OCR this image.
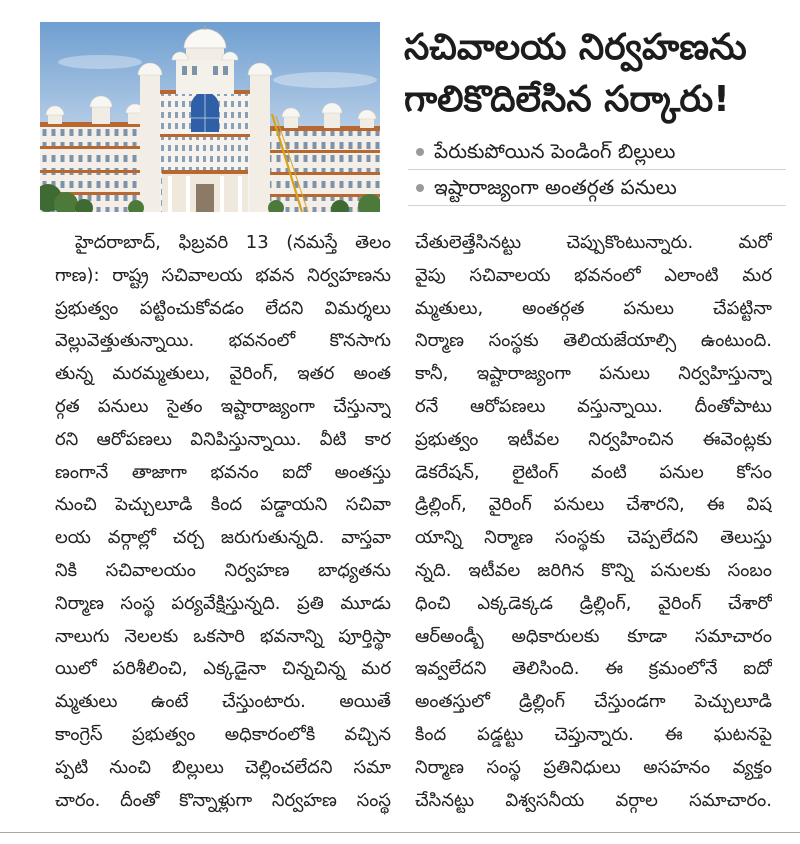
సచివాలయ నిర్వహణను
గాలికొదిలేసిన సర్కారు!
పేరుకుపోయిన పెండింగ్ బిల్లులు
ఇష్టారాజ్యంగా అంతర్గత పనులు
హైదరాబాద్, ఫిబ్రవరి 13 (నమస్తే తెలం
గాణ): రాష్ట్ర సచివాలయ భవన నిర్వహణను
ప్రభుత్వం పట్టించుకోవడం లేదని విమర్శలు
వెల్లువెత్తుతున్నాయి. భవనంలో కొనసాగు
తున్న మరమ్మతులు, వైరింగ్, ఇతర అంత
ర్గత పనులు సైతం ఇష్టారాజ్యంగా చేస్తున్నా
రని ఆరోపణలు వినిపిస్తున్నాయి. వీటి కార
ణంగానే తాజాగా భవనం ఐదో అంతస్తు
నుంచి పెచ్చులూడి కింద పడ్డాయని సచివా
లయ వర్గాల్లో చర్చ జరుగుతున్నది. వాస్తవా
నికి సచివాలయం నిర్వహణ బాధ్యతను
నిర్మాణ సంస్థ పర్యవేక్షిస్తున్నది. ప్రతి మూడు
నాలుగు నెలలకు ఒకసారి భవనాన్ని పూర్తిస్థా
యిలో పరిశీలించి, ఎక్కడైనా చిన్నచిన్న మర
మ్మతులు ఉంటే చేస్తుంటారు. అయితే
కాంగ్రెస్ ప్రభుత్వం అధికారంలోకి వచ్చిన
ప్పటి నుంచి బిల్లులు చెల్లించలేదని సమా
చారం. దీంతో కొన్నాళ్లుగా నిర్వహణ సంస్థ
చేతులెత్తేసినట్టు చెప్పుకొంటున్నారు. మరో
వైపు సచివాలయ భవనంలో ఎలాంటి మర
మ్మతులు, అంతర్గత పనులు చేపట్టినా
నిర్మాణ సంస్థకు తెలియజేయాల్సి ఉంటుంది.
కానీ, ఇష్టారాజ్యంగా పనులు నిర్వహిస్తున్నా
రనే ఆరోపణలు వస్తున్నాయి. దీంతోపాటు
ప్రభుత్వం ఇటీవల నిర్వహించిన ఈవెంట్లకు
డెకరేషన్, లైటింగ్ వంటి పనుల కోసం
డ్రిల్లింగ్, వైరింగ్ పనులు చేశారని, ఈ విష
యాన్ని నిర్మాణ సంస్థకు చెప్పలేదని తెలుస్తు
న్నది. ఇటీవల జరిగిన కొన్ని పనులకు సంబం
ధించి ఎక్కడెక్కడ డ్రిల్లింగ్, వైరింగ్ చేశారో
ఆర్అండ్బీ అధికారులకు కూడా సమాచారం
ఇవ్వలేదని తెలిసింది. ఈ క్రమంలోనే ఐదో
అంతస్తులో డ్రిల్లింగ్ చేస్తుండగా పెచ్చులూడి
కింద పడ్డట్టు చెప్తున్నారు. ఈ ఘటనపై
నిర్మాణ సంస్థ ప్రతినిధులు అసహనం వ్యక్తం
చేసినట్టు విశ్వసనీయ వర్గాల సమాచారం.
